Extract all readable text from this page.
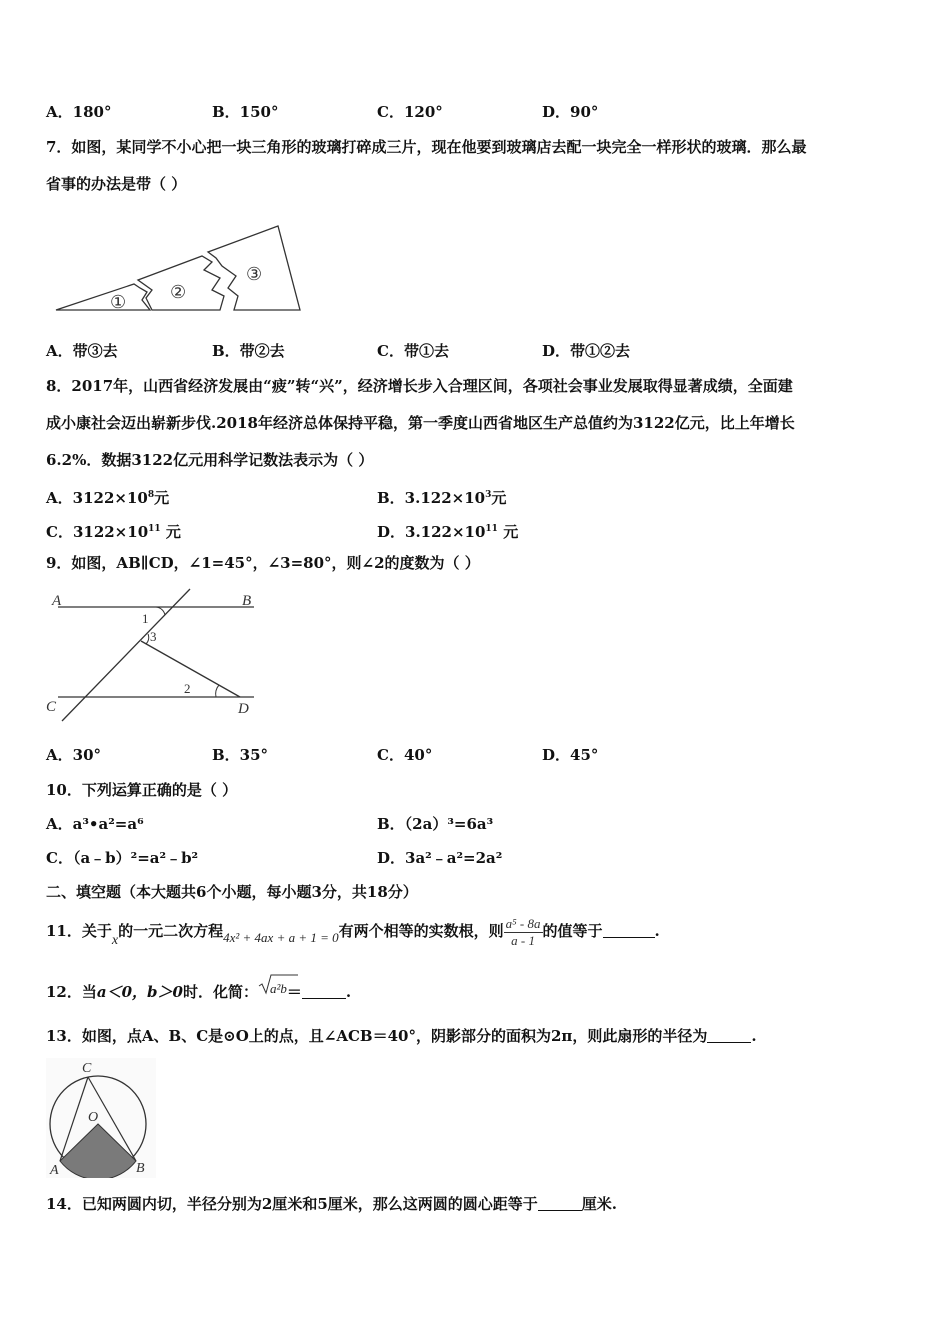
A．180°	B．150°	C．120°	D．90°
7．如图，某同学不小心把一块三角形的玻璃打碎成三片，现在他要到玻璃店去配一块完全一样形状的玻璃．那么最
省事的办法是带（ ）
① ②
③
A．带③去	B．带②去	C．带①去	D．带①②去
8．2017年，山西省经济发展由“疲”转“兴”，经济增长步入合理区间，各项社会事业发展取得显著成绩，全面建
成小康社会迈出崭新步伐.2018年经济总体保持平稳，第一季度山西省地区生产总值约为3122亿元，比上年增长
6.2%．数据3122亿元用科学记数法表示为（ ）
A．$3122\times 10^8$元	B．$3.122\times 10^3$元
C．$3122\times 10^{11}$ 元	D．$3.122\times 10^{11}$ 元
9．如图，AB∥CD，∠1=45°，∠3=80°，则∠2的度数为（ ）
A	B
C	D
1
3
2
A．30°	B．35°	C．40°	D．45°
10．下列运算正确的是（ ）
A．a³•a²=a⁶	B．（2a）³=6a³
C．（a﹣b）²=a²﹣b²	D．3a²﹣a²=2a²
二、填空题（本大题共6个小题，每小题3分，共18分）
11．关于x的一元二次方程4x² + 4ax + a + 1 = 0有两个相等的实数根，则 $\frac{\text{a⁵ - 8a}}{a - 1}$ 的值等于	.
12．当a＜0，b＞0时．化简： a²b＝	.
13．如图，点A、B、C是⊙O上的点，且∠ACB＝40°，阴影部分的面积为2π，则此扇形的半径为	.
C
O
A	B
14．已知两圆内切，半径分别为2厘米和5厘米，那么这两圆的圆心距等于	厘米.
